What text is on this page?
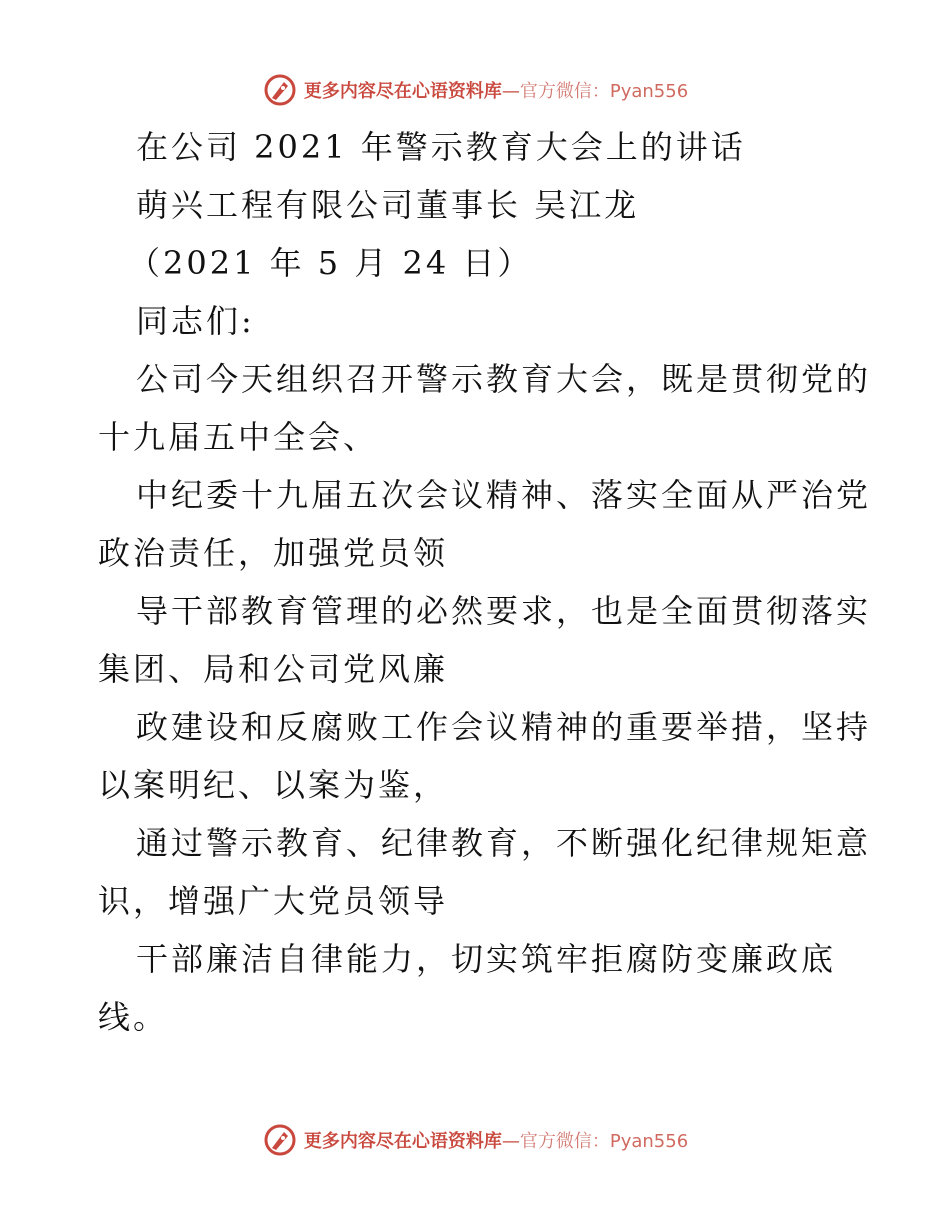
更多内容尽在心语资料库—官方微信：Pyan556
在公司 2021 年警示教育大会上的讲话
萌兴工程有限公司董事长 吴江龙
（2021 年 5 月 24 日）
同志们:
公司今天组织召开警示教育大会，既是贯彻党的
十九届五中全会、
中纪委十九届五次会议精神、落实全面从严治党
政治责任，加强党员领
导干部教育管理的必然要求，也是全面贯彻落实
集团、局和公司党风廉
政建设和反腐败工作会议精神的重要举措，坚持
以案明纪、以案为鉴，
通过警示教育、纪律教育，不断强化纪律规矩意
识，增强广大党员领导
干部廉洁自律能力，切实筑牢拒腐防变廉政底
线。
更多内容尽在心语资料库—官方微信：Pyan556
